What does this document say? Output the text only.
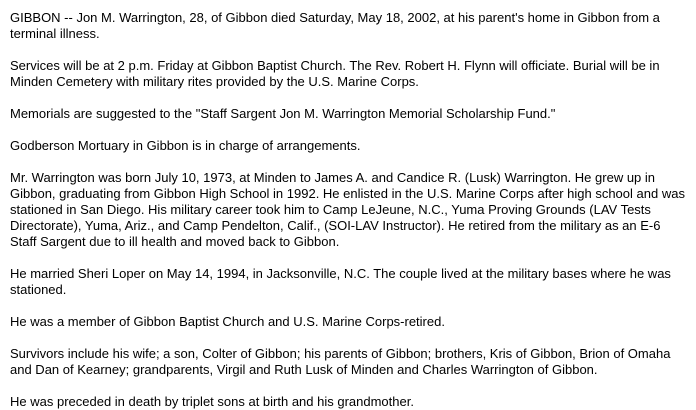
GIBBON -- Jon M. Warrington, 28, of Gibbon died Saturday, May 18, 2002, at his parent's home in Gibbon from a
terminal illness.
Services will be at 2 p.m. Friday at Gibbon Baptist Church. The Rev. Robert H. Flynn will officiate. Burial will be in
Minden Cemetery with military rites provided by the U.S. Marine Corps.
Memorials are suggested to the "Staff Sargent Jon M. Warrington Memorial Scholarship Fund."
Godberson Mortuary in Gibbon is in charge of arrangements.
Mr. Warrington was born July 10, 1973, at Minden to James A. and Candice R. (Lusk) Warrington. He grew up in
Gibbon, graduating from Gibbon High School in 1992. He enlisted in the U.S. Marine Corps after high school and was
stationed in San Diego. His military career took him to Camp LeJeune, N.C., Yuma Proving Grounds (LAV Tests
Directorate), Yuma, Ariz., and Camp Pendelton, Calif., (SOI-LAV Instructor). He retired from the military as an E-6
Staff Sargent due to ill health and moved back to Gibbon.
He married Sheri Loper on May 14, 1994, in Jacksonville, N.C. The couple lived at the military bases where he was
stationed.
He was a member of Gibbon Baptist Church and U.S. Marine Corps-retired.
Survivors include his wife; a son, Colter of Gibbon; his parents of Gibbon; brothers, Kris of Gibbon, Brion of Omaha
and Dan of Kearney; grandparents, Virgil and Ruth Lusk of Minden and Charles Warrington of Gibbon.
He was preceded in death by triplet sons at birth and his grandmother.
